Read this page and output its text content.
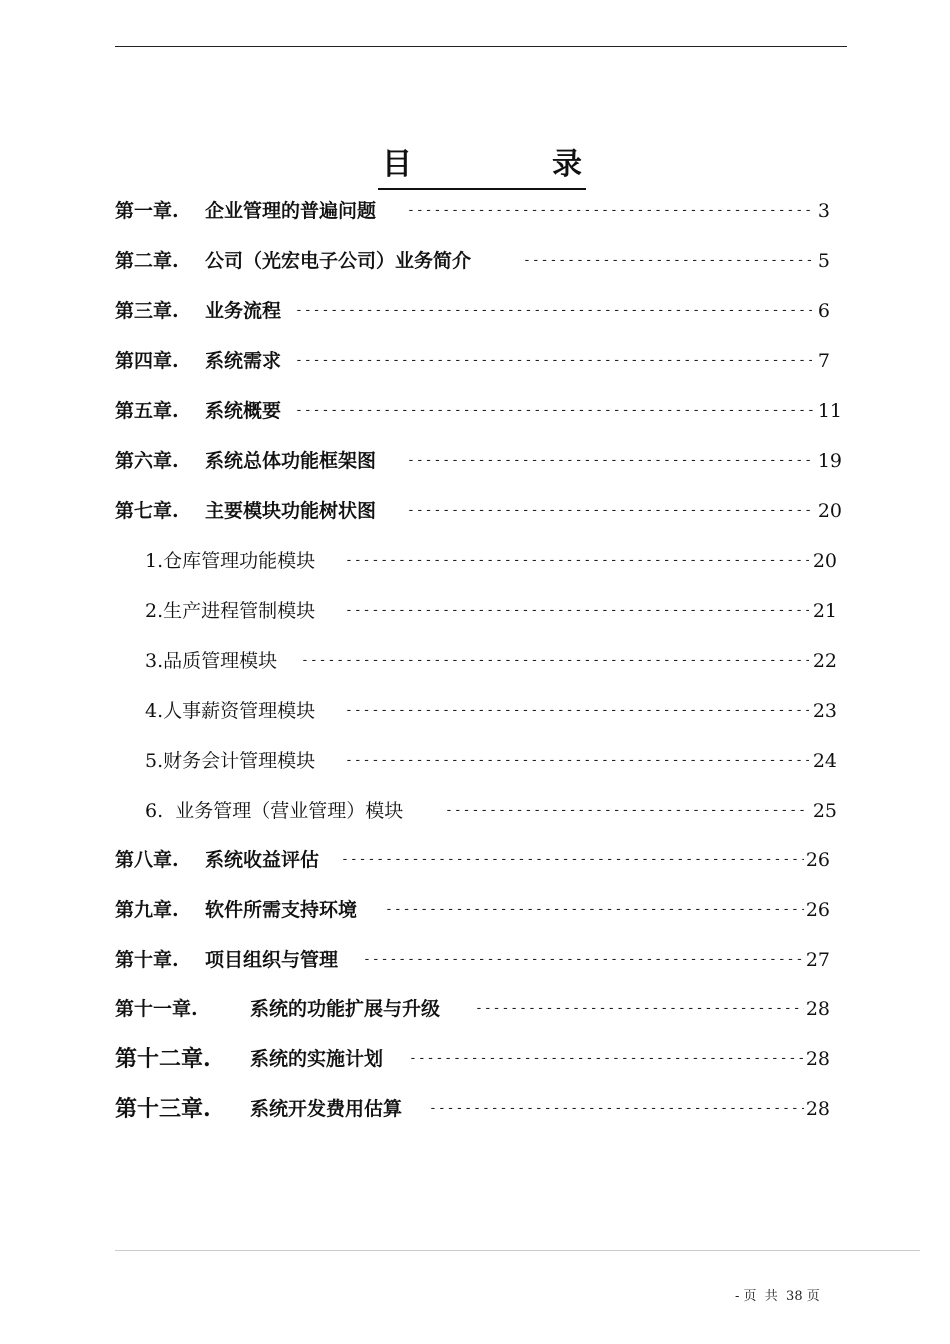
目	录
第一章. 企业管理的普遍问题 -----	3
第二章. 公司（光宏电子公司）业务简介 -----	5
第三章. 业务流程 -----	6
第四章. 系统需求 -----	7
第五章. 系统概要 -----	11
第六章. 系统总体功能框架图 -----	19
第七章. 主要模块功能树状图 -----	20
1.仓库管理功能模块 -----	20
2.生产进程管制模块 -----	21
3.品质管理模块 -----	22
4.人事薪资管理模块 -----	23
5.财务会计管理模块 -----	24
6.  业务管理（营业管理）模块 -----	25
第八章. 系统收益评估 -----	26
第九章. 软件所需支持环境 -----	26
第十章. 项目组织与管理 -----	27
第十一章.	系统的功能扩展与升级 -----	28
第十二章. 系统的实施计划 -----	28
第十三章. 系统开发费用估算 -----	28
- 页  共  38 页
